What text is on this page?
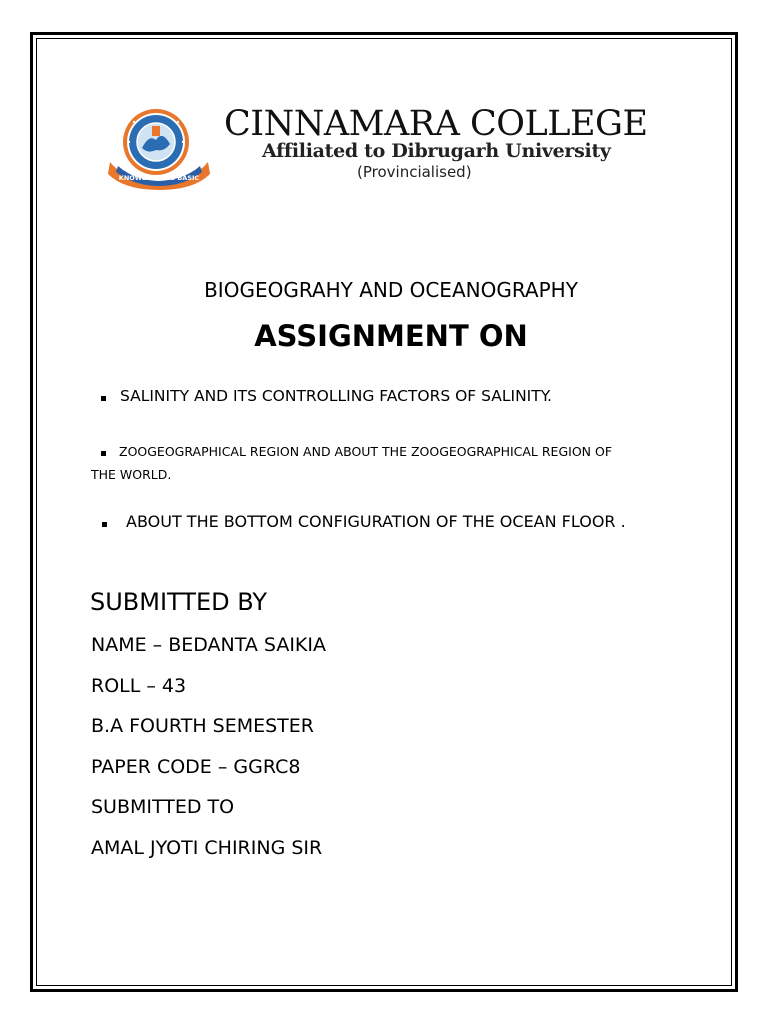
KNOWLEDGE IS BASIC
CINNAMARA COLLEGE
Affiliated to Dibrugarh University
(Provincialised)
BIOGEOGRAHY AND OCEANOGRAPHY
ASSIGNMENT ON
SALINITY AND ITS CONTROLLING FACTORS OF SALINITY.
ZOOGEOGRAPHICAL REGION AND ABOUT THE ZOOGEOGRAPHICAL REGION OF
THE WORLD.
ABOUT THE BOTTOM CONFIGURATION OF THE OCEAN FLOOR .
SUBMITTED BY
NAME – BEDANTA SAIKIA
ROLL – 43
B.A FOURTH SEMESTER
PAPER CODE – GGRC8
SUBMITTED TO
AMAL JYOTI CHIRING SIR
